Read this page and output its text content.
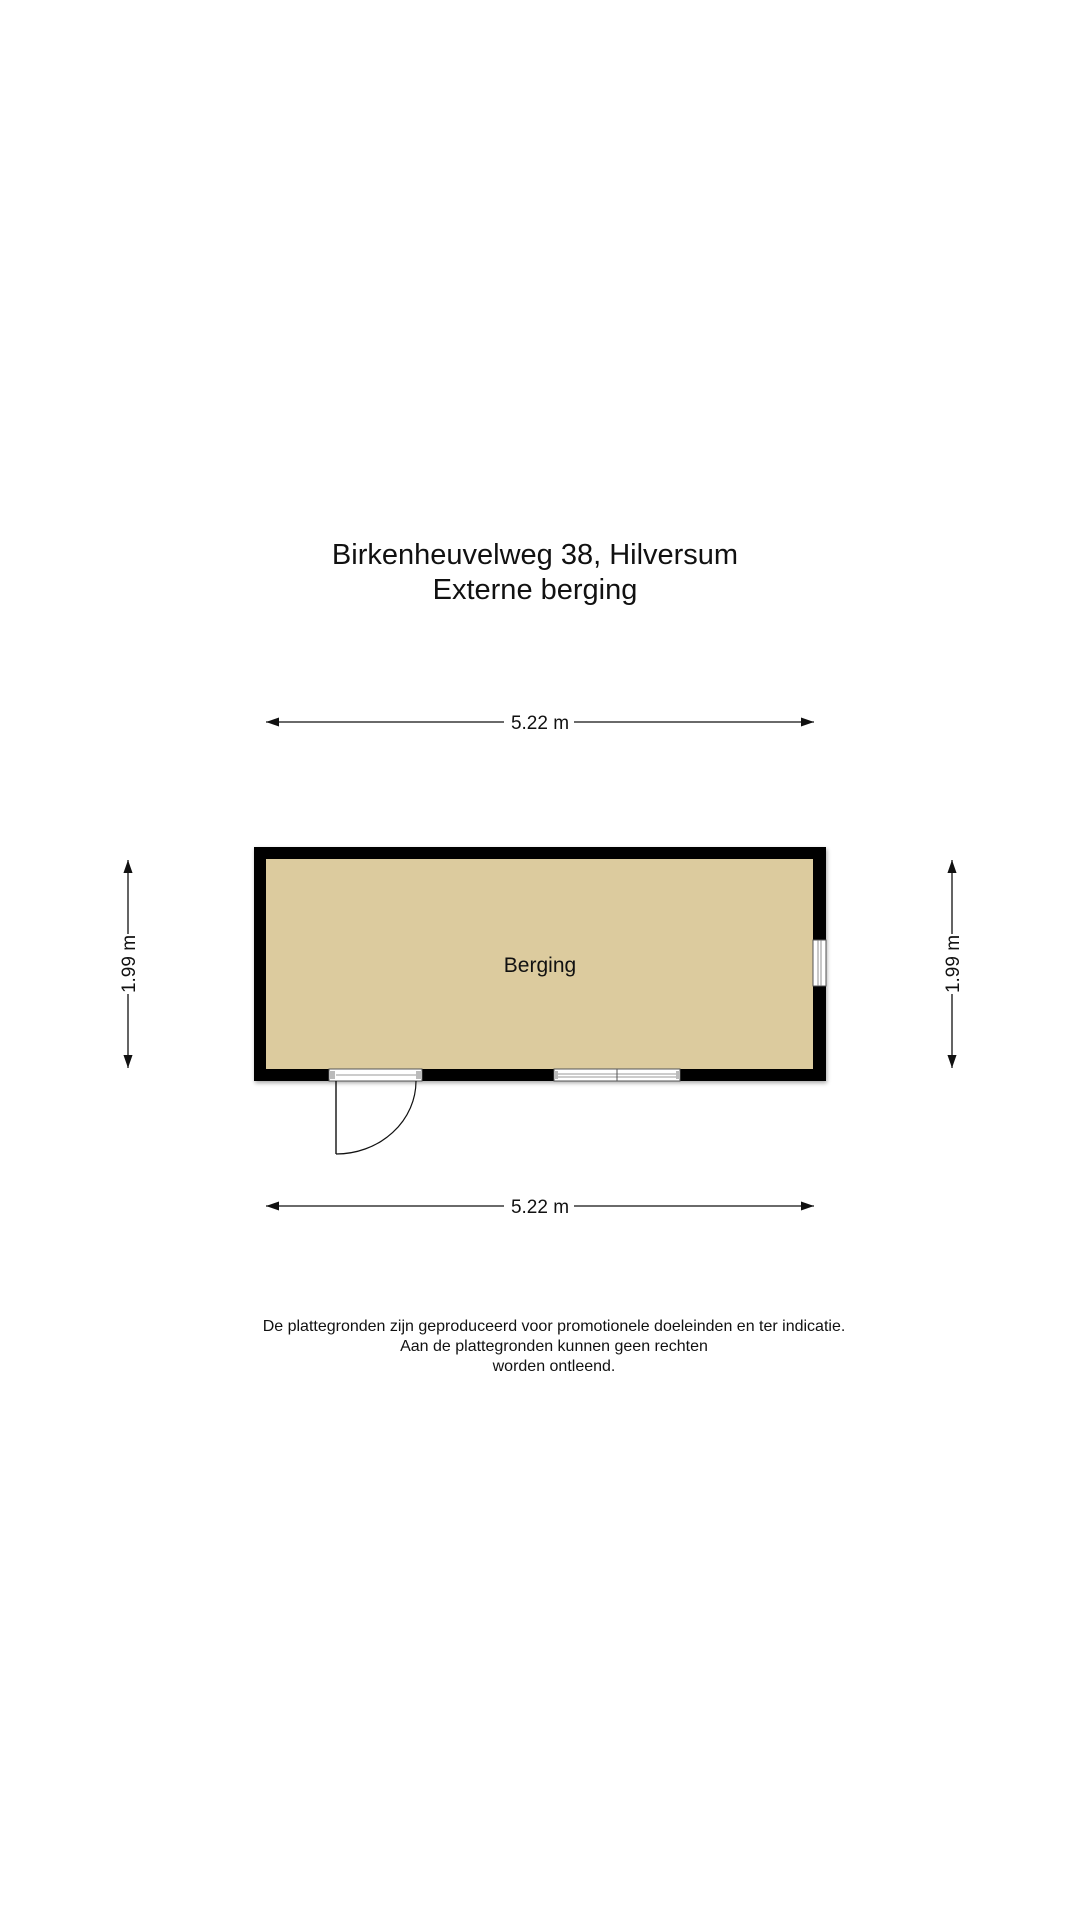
Birkenheuvelweg 38, Hilversum
Externe berging
5.22 m
5.22 m
1.99 m	1.99 m
Berging
De plattegronden zijn geproduceerd voor promotionele doeleinden en ter indicatie.
Aan de plattegronden kunnen geen rechten
worden ontleend.
